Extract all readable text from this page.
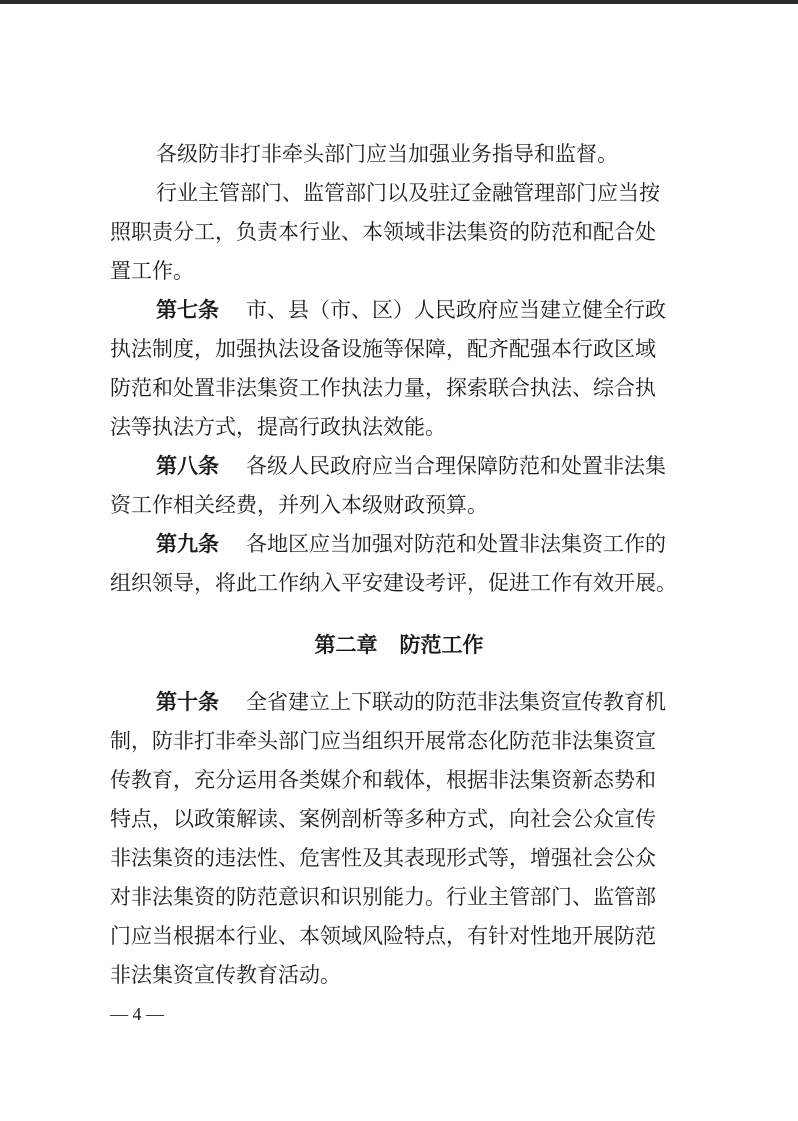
各级防非打非牵头部门应当加强业务指导和监督。
行业主管部门、监管部门以及驻辽金融管理部门应当按
照职责分工，负责本行业、本领域非法集资的防范和配合处
置工作。
第七条 市、县（市、区）人民政府应当建立健全行政
执法制度，加强执法设备设施等保障，配齐配强本行政区域
防范和处置非法集资工作执法力量，探索联合执法、综合执
法等执法方式，提高行政执法效能。
第八条 各级人民政府应当合理保障防范和处置非法集
资工作相关经费，并列入本级财政预算。
第九条 各地区应当加强对防范和处置非法集资工作的
组织领导，将此工作纳入平安建设考评，促进工作有效开展。
第二章   防范工作
第十条 全省建立上下联动的防范非法集资宣传教育机
制，防非打非牵头部门应当组织开展常态化防范非法集资宣
传教育，充分运用各类媒介和载体，根据非法集资新态势和
特点，以政策解读、案例剖析等多种方式，向社会公众宣传
非法集资的违法性、危害性及其表现形式等，增强社会公众
对非法集资的防范意识和识别能力。行业主管部门、监管部
门应当根据本行业、本领域风险特点，有针对性地开展防范
非法集资宣传教育活动。
— 4 —
